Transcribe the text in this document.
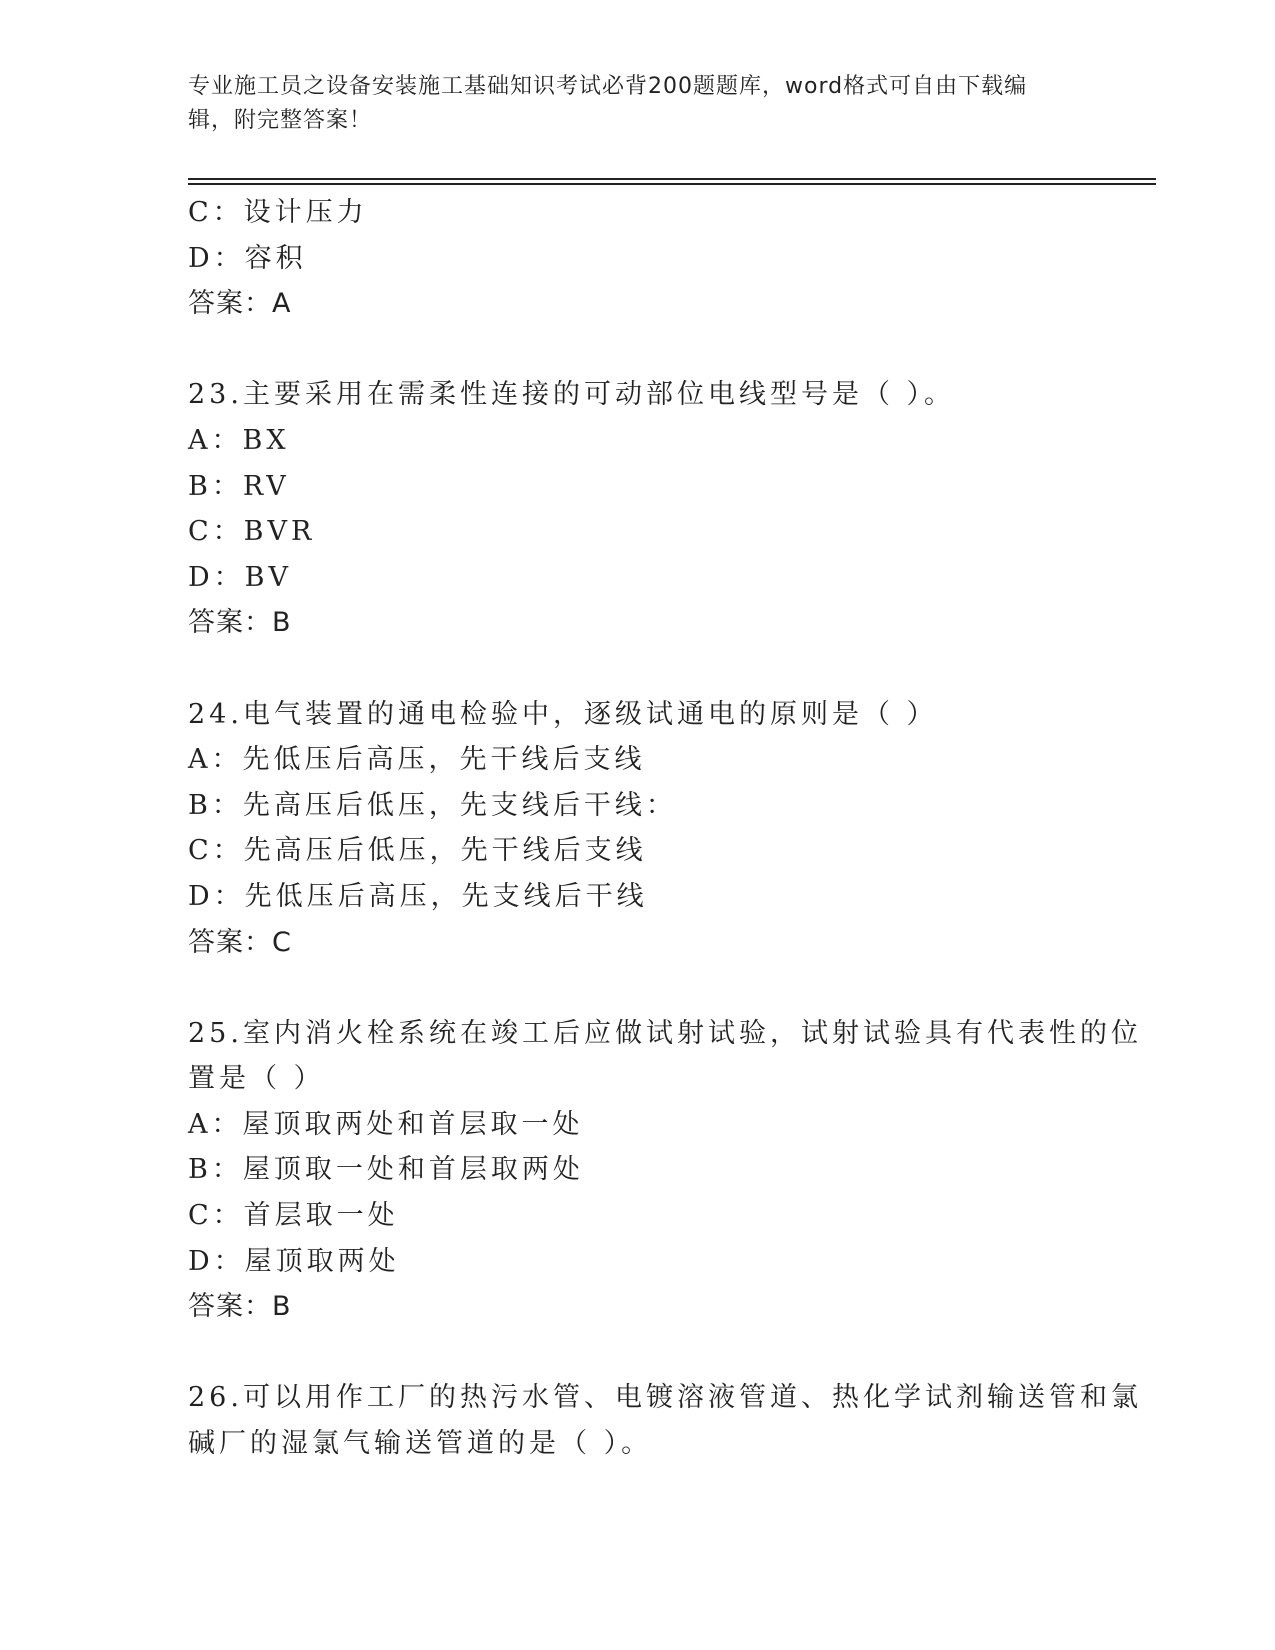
专业施工员之设备安装施工基础知识考试必背200题题库，word格式可自由下载编辑，附完整答案！
C：设计压力
D：容积
答案：A
23.主要采用在需柔性连接的可动部位电线型号是（ ）。
A：BX
B：RV
C：BVR
D：BV
答案：B
24.电气装置的通电检验中，逐级试通电的原则是（ ）
A：先低压后高压，先干线后支线
B：先高压后低压，先支线后干线：
C：先高压后低压，先干线后支线
D：先低压后高压，先支线后干线
答案：C
25.室内消火栓系统在竣工后应做试射试验，试射试验具有代表性的位
置是（ ）
A：屋顶取两处和首层取一处
B：屋顶取一处和首层取两处
C：首层取一处
D：屋顶取两处
答案：B
26.可以用作工厂的热污水管、电镀溶液管道、热化学试剂输送管和氯
碱厂的湿氯气输送管道的是（ ）。
